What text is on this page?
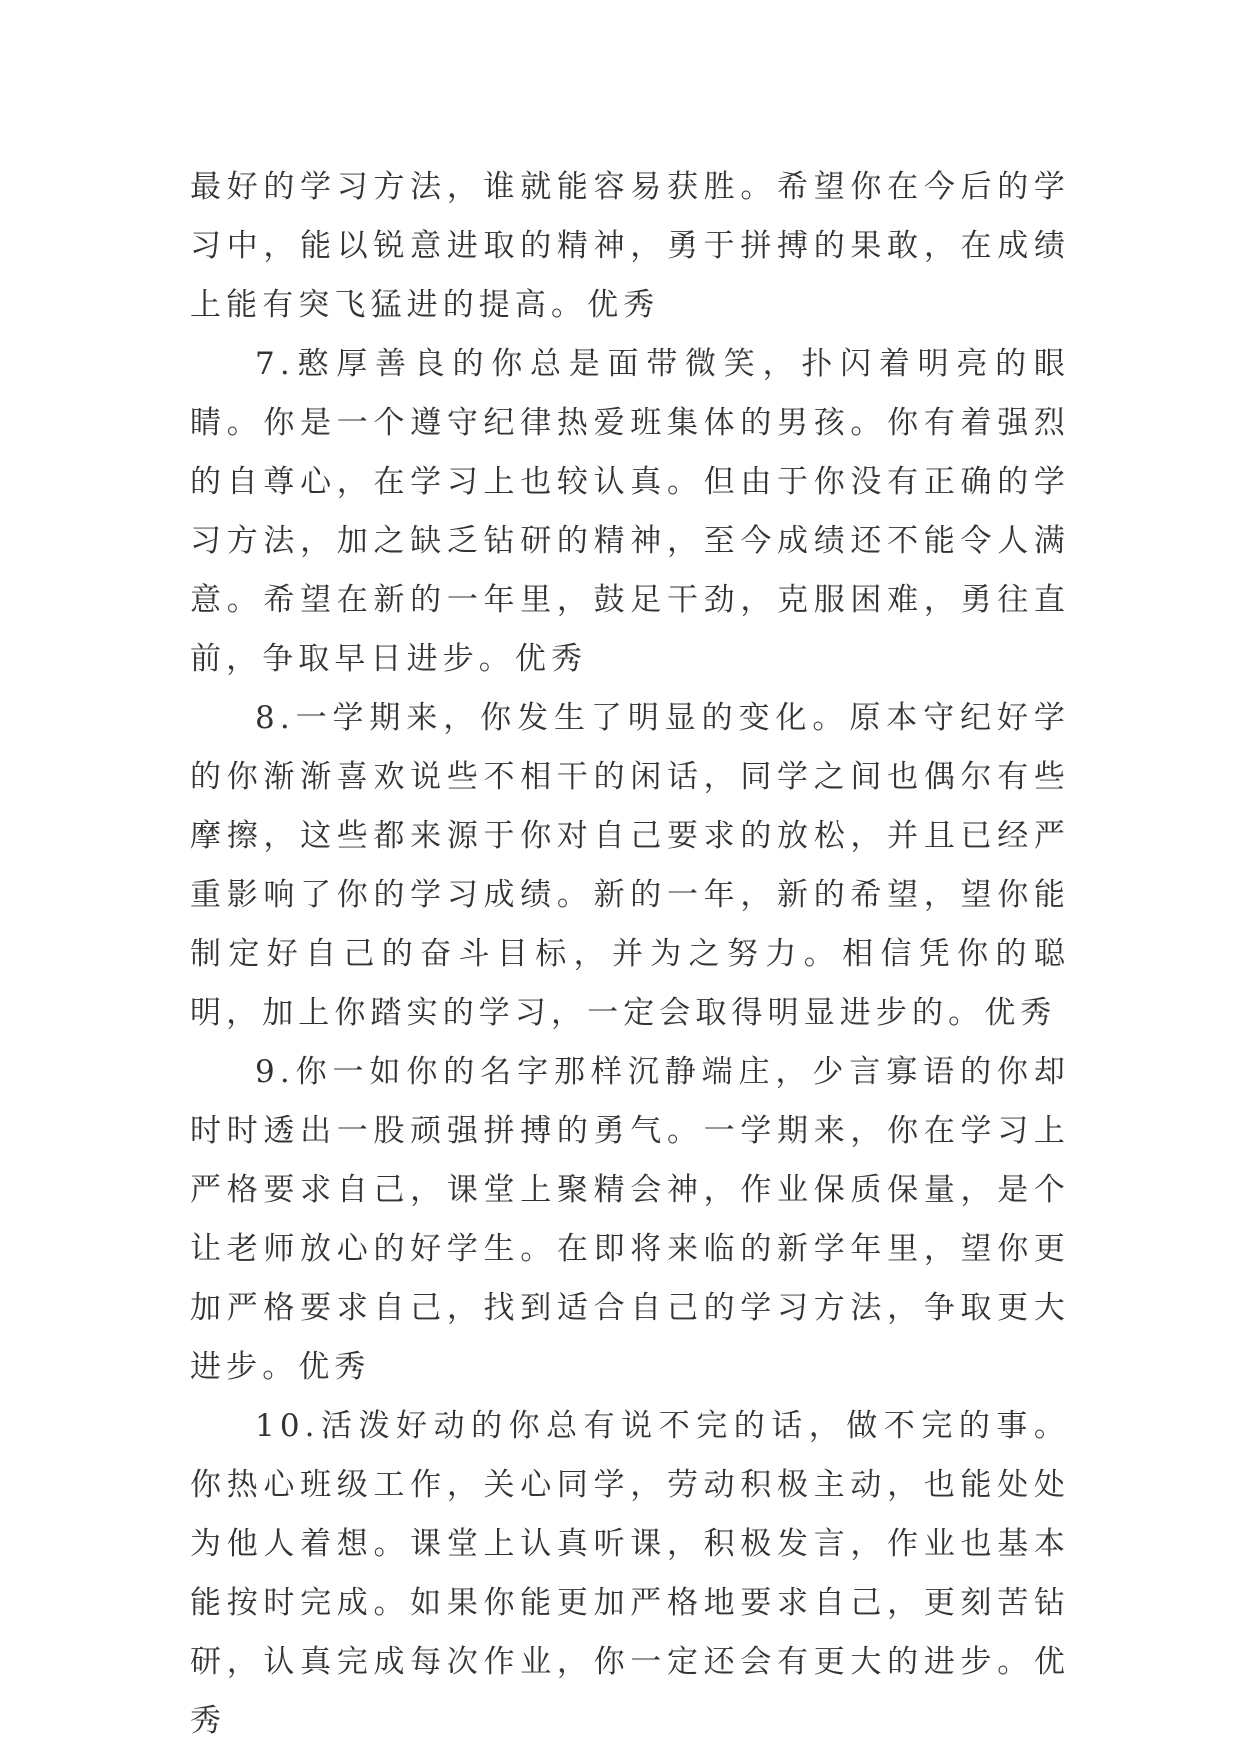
最好的学习方法，谁就能容易获胜。希望你在今后的学习中，能以锐意进取的精神，勇于拼搏的果敢，在成绩上能有突飞猛进的提高。优秀

7.憨厚善良的你总是面带微笑，扑闪着明亮的眼睛。你是一个遵守纪律热爱班集体的男孩。你有着强烈的自尊心，在学习上也较认真。但由于你没有正确的学习方法，加之缺乏钻研的精神，至今成绩还不能令人满意。希望在新的一年里，鼓足干劲，克服困难，勇往直前，争取早日进步。优秀

8.一学期来，你发生了明显的变化。原本守纪好学的你渐渐喜欢说些不相干的闲话，同学之间也偶尔有些摩擦，这些都来源于你对自己要求的放松，并且已经严重影响了你的学习成绩。新的一年，新的希望，望你能制定好自己的奋斗目标，并为之努力。相信凭你的聪明，加上你踏实的学习，一定会取得明显进步的。优秀

9.你一如你的名字那样沉静端庄，少言寡语的你却时时透出一股顽强拼搏的勇气。一学期来，你在学习上严格要求自己，课堂上聚精会神，作业保质保量，是个让老师放心的好学生。在即将来临的新学年里，望你更加严格要求自己，找到适合自己的学习方法，争取更大进步。优秀

10.活泼好动的你总有说不完的话，做不完的事。你热心班级工作，关心同学，劳动积极主动，也能处处为他人着想。课堂上认真听课，积极发言，作业也基本能按时完成。如果你能更加严格地要求自己，更刻苦钻研，认真完成每次作业，你一定还会有更大的进步。优秀
